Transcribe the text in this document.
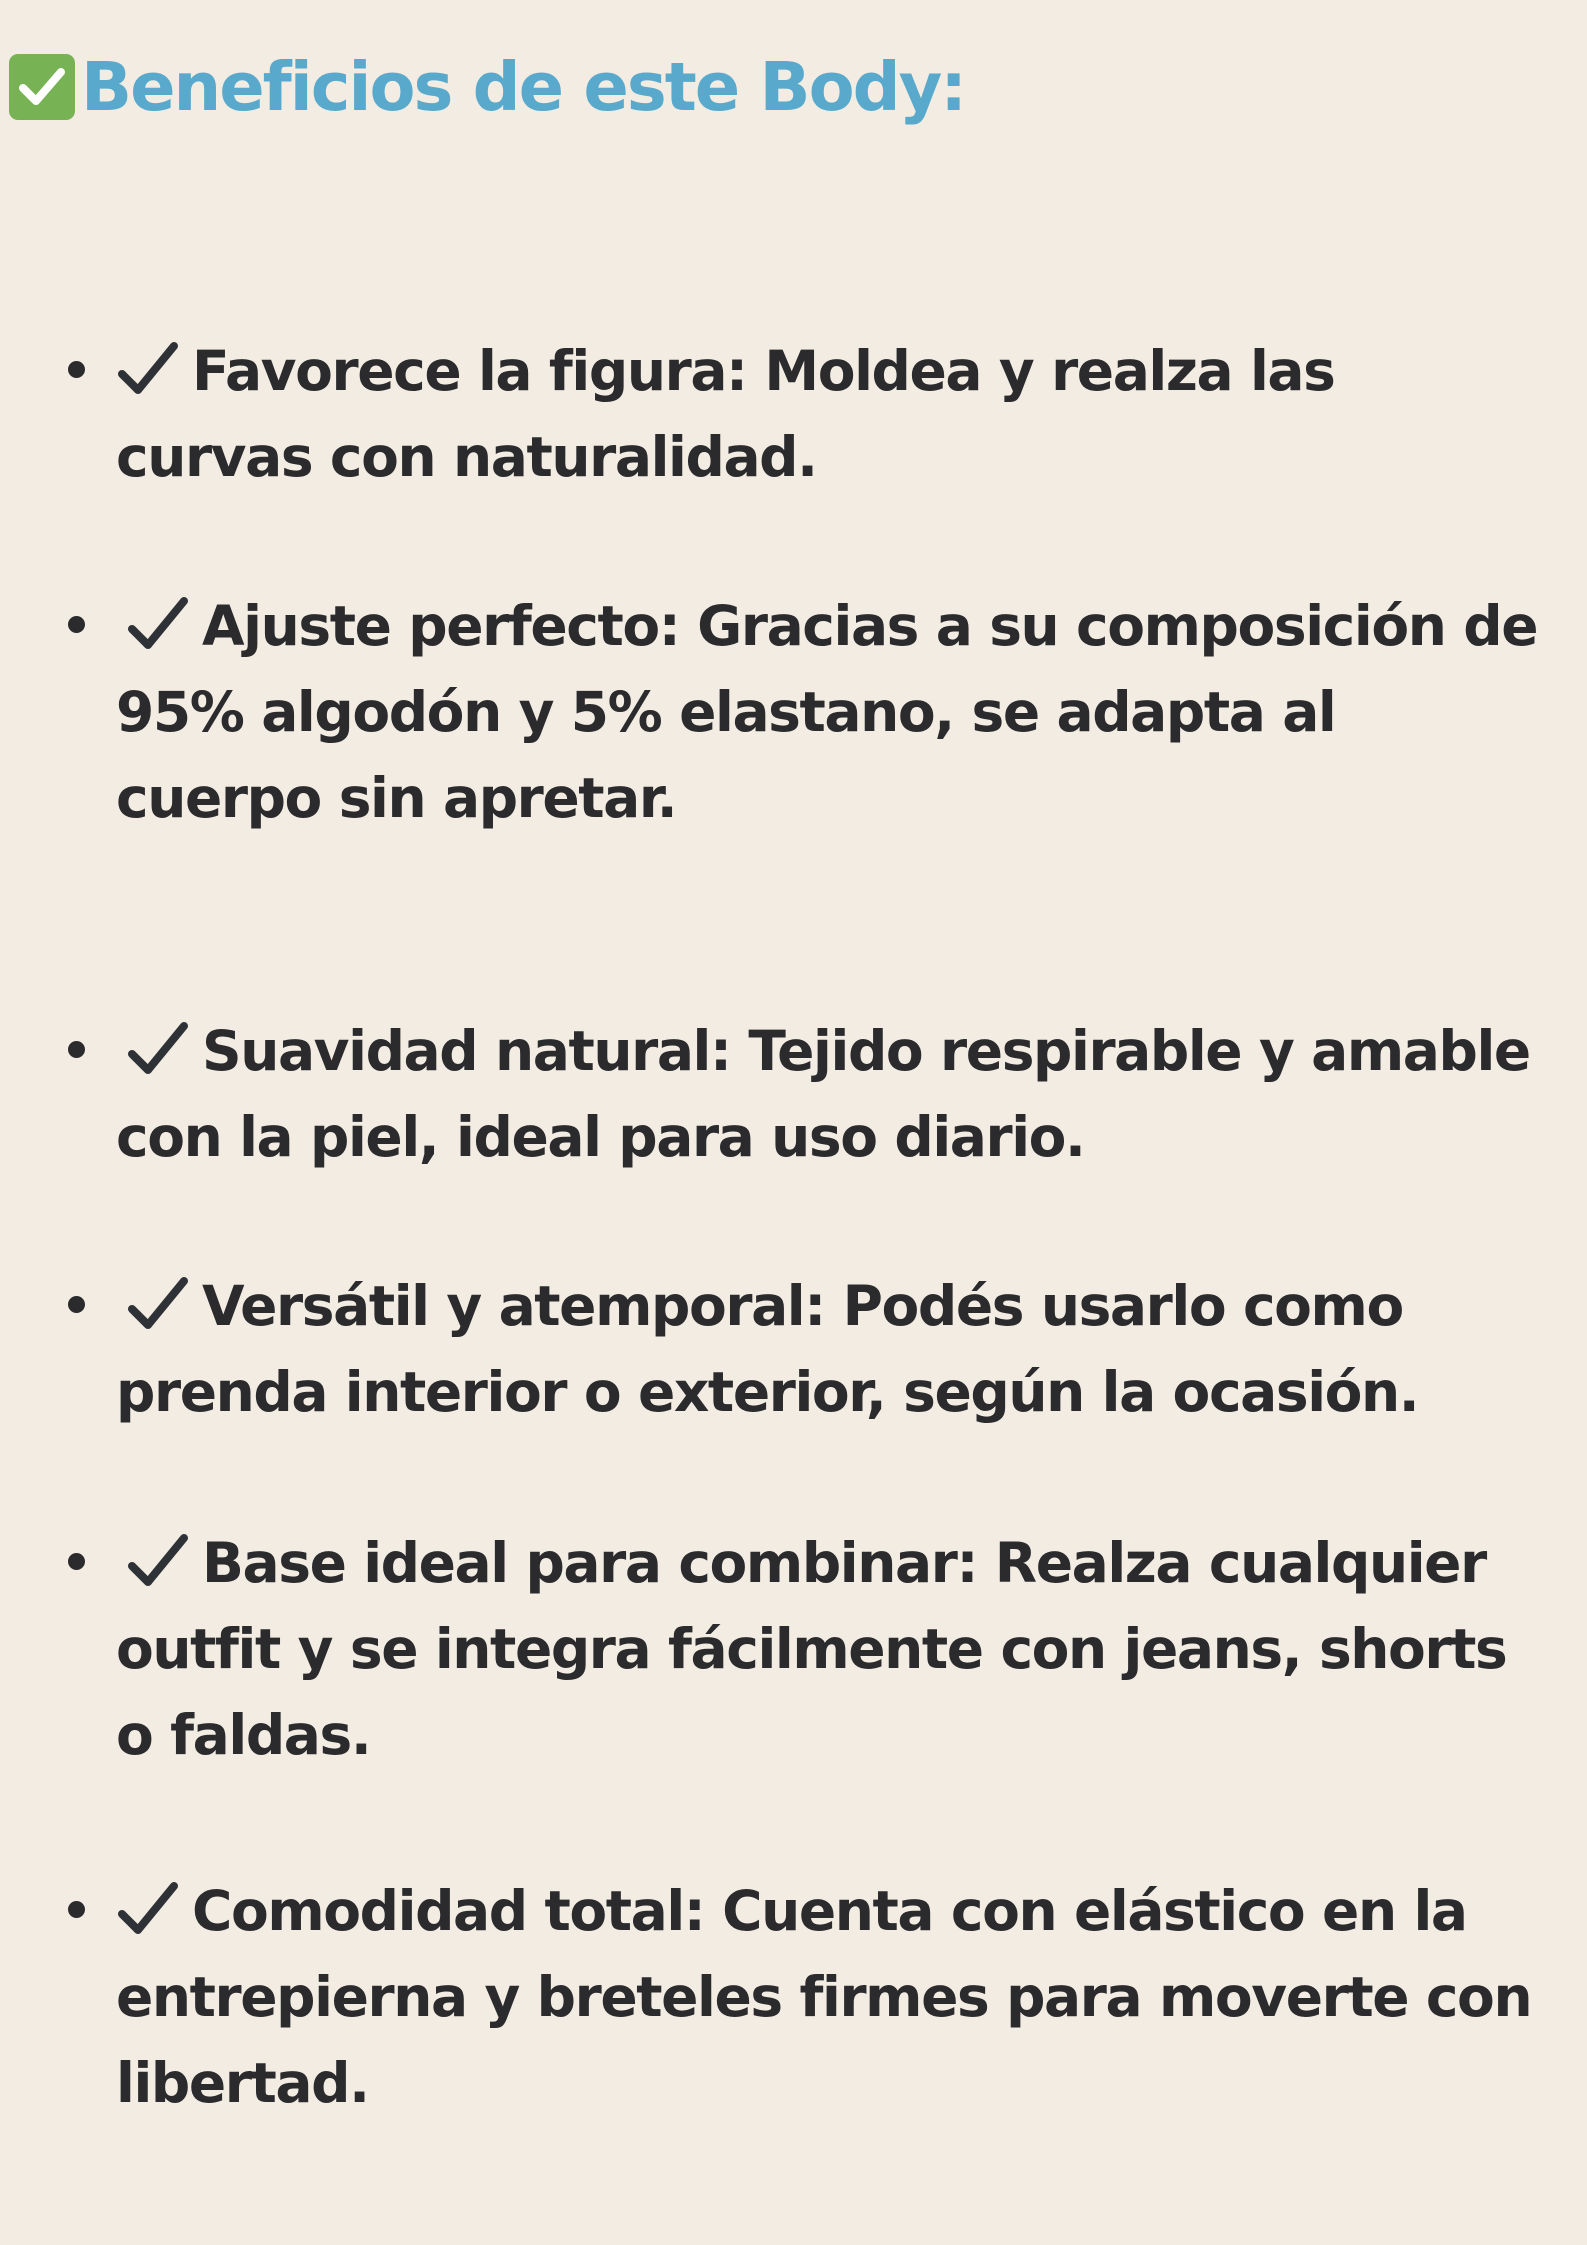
Beneficios de este Body:
Favorece la figura: Moldea y realza las curvas con naturalidad.
Ajuste perfecto: Gracias a su composición de 95% algodón y 5% elastano, se adapta al cuerpo sin apretar.
Suavidad natural: Tejido respirable y amable con la piel, ideal para uso diario.
Versátil y atemporal: Podés usarlo como prenda interior o exterior, según la ocasión.
Base ideal para combinar: Realza cualquier outfit y se integra fácilmente con jeans, shorts o faldas.
Comodidad total: Cuenta con elástico en la entrepierna y breteles firmes para moverte con libertad.
